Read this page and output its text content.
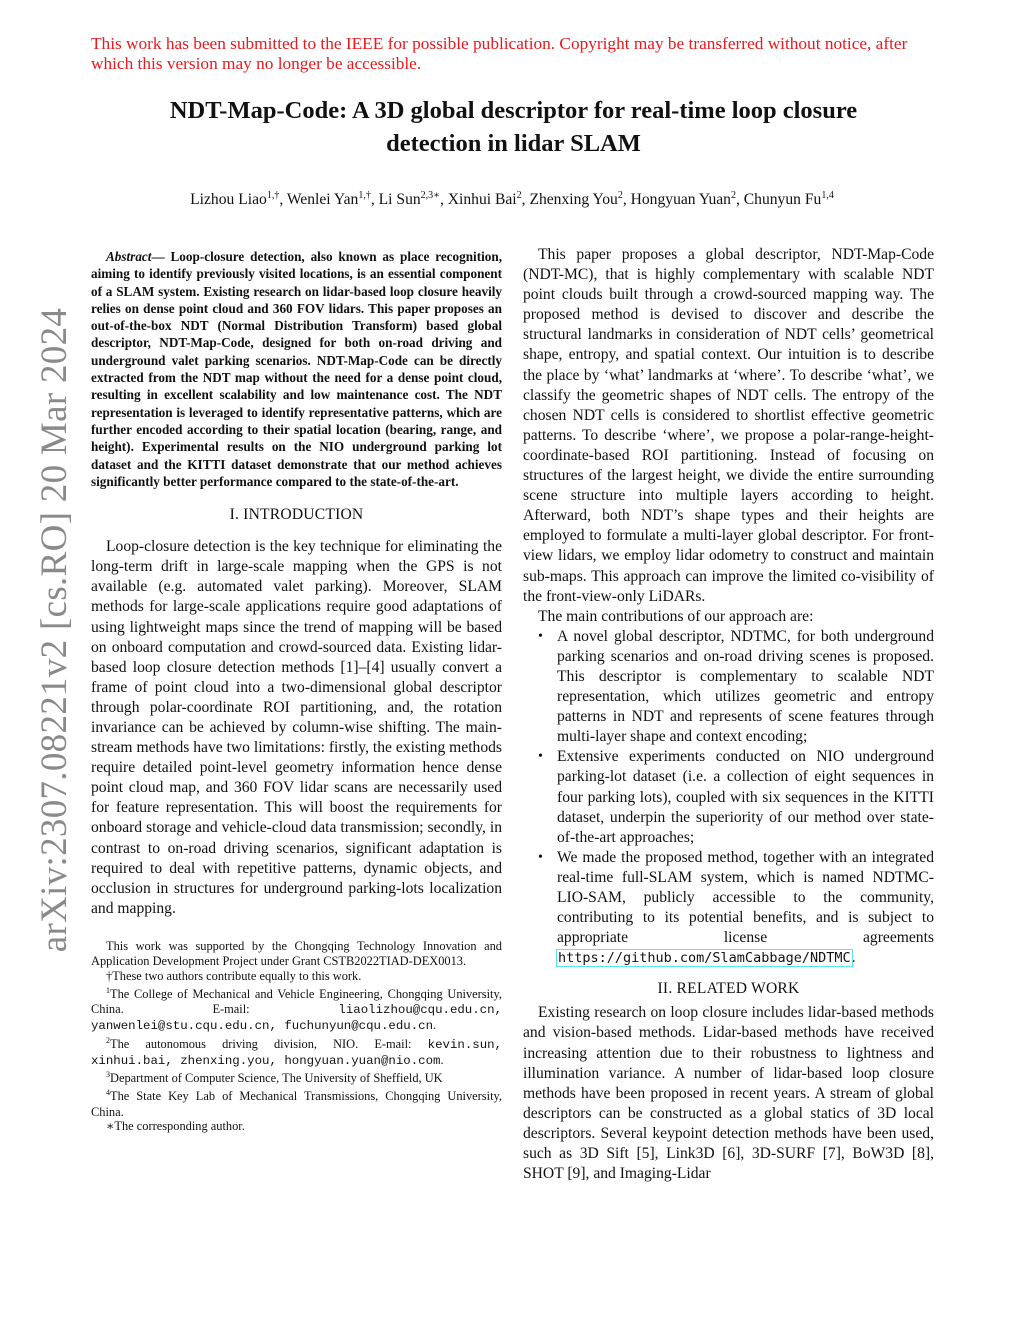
This work has been submitted to the IEEE for possible publication. Copyright may be transferred without notice, after which this version may no longer be accessible.
NDT-Map-Code: A 3D global descriptor for real-time loop closure
detection in lidar SLAM
Lizhou Liao$^{1,\dagger}$, Wenlei Yan$^{1,\dagger}$, Li Sun$^{2,3∗}$, Xinhui Bai$^2$, Zhenxing You$^2$, Hongyuan Yuan$^2$, Chunyun Fu$^{1,4}$
arXiv:2307.08221v2 [cs.RO] 20 Mar 2024

Abstract— Loop-closure detection, also known as place recognition, aiming to identify previously visited locations, is an essential component of a SLAM system. Existing research on lidar-based loop closure heavily relies on dense point cloud and 360 FOV lidars. This paper proposes an out-of-the-box NDT (Normal Distribution Transform) based global descriptor, NDT-Map-Code, designed for both on-road driving and underground valet parking scenarios. NDT-Map-Code can be directly extracted from the NDT map without the need for a dense point cloud, resulting in excellent scalability and low maintenance cost. The NDT representation is leveraged to identify representative patterns, which are further encoded according to their spatial location (bearing, range, and height). Experimental results on the NIO underground parking lot dataset and the KITTI dataset demonstrate that our method achieves significantly better performance compared to the state-of-the-art.

I. INTRODUCTION

Loop-closure detection is the key technique for eliminating the long-term drift in large-scale mapping when the GPS is not available (e.g. automated valet parking). Moreover, SLAM methods for large-scale applications require good adaptations of using lightweight maps since the trend of mapping will be based on onboard computation and crowd-sourced data. Existing lidar-based loop closure detection methods [1]–[4] usually convert a frame of point cloud into a two-dimensional global descriptor through polar-coordinate ROI partitioning, and, the rotation invariance can be achieved by column-wise shifting. The main-stream methods have two limitations: firstly, the existing methods require detailed point-level geometry information hence dense point cloud map, and 360 FOV lidar scans are necessarily used for feature representation. This will boost the requirements for onboard storage and vehicle-cloud data transmission; secondly, in contrast to on-road driving scenarios, significant adaptation is required to deal with repetitive patterns, dynamic objects, and occlusion in structures for underground parking-lots localization and mapping.

This work was supported by the Chongqing Technology Innovation and Application Development Project under Grant CSTB2022TIAD-DEX0013.

†These two authors contribute equally to this work.

$^1$The College of Mechanical and Vehicle Engineering, Chongqing University, China. E-mail:	liaolizhou@cqu.edu.cn, yanwenlei@stu.cqu.edu.cn, fuchunyun@cqu.edu.cn.

$^2$The autonomous driving division, NIO. E-mail: kevin.sun, xinhui.bai, zhenxing.you, hongyuan.yuan@nio.com.

$^3$Department of Computer Science, The University of Sheffield, UK

$^4$The State Key Lab of Mechanical Transmissions, Chongqing University, China.

∗The corresponding author.

This paper proposes a global descriptor, NDT-Map-Code (NDT-MC), that is highly complementary with scalable NDT point clouds built through a crowd-sourced mapping way. The proposed method is devised to discover and describe the structural landmarks in consideration of NDT cells’ geometrical shape, entropy, and spatial context. Our intuition is to describe the place by ‘what’ landmarks at ‘where’. To describe ‘what’, we classify the geometric shapes of NDT cells. The entropy of the chosen NDT cells is considered to shortlist effective geometric patterns. To describe ‘where’, we propose a polar-range-height-coordinate-based ROI partitioning. Instead of focusing on structures of the largest height, we divide the entire surrounding scene structure into multiple layers according to height. Afterward, both NDT’s shape types and their heights are employed to formulate a multi-layer global descriptor. For front-view lidars, we employ lidar odometry to construct and maintain sub-maps. This approach can improve the limited co-visibility of the front-view-only LiDARs.

The main contributions of our approach are:

• A novel global descriptor, NDTMC, for both underground parking scenarios and on-road driving scenes is proposed. This descriptor is complementary to scalable NDT representation, which utilizes geometric and entropy patterns in NDT and represents of scene features through multi-layer shape and context encoding;
• Extensive experiments conducted on NIO underground parking-lot dataset (i.e. a collection of eight sequences in four parking lots), coupled with six sequences in the KITTI dataset, underpin the superiority of our method over state-of-the-art approaches;
• We made the proposed method, together with an integrated real-time full-SLAM system, which is named NDTMC-LIO-SAM, publicly accessible to the community, contributing to its potential benefits, and is subject to appropriate license agreements https://github.com/SlamCabbage/NDTMC.

II. RELATED WORK

Existing research on loop closure includes lidar-based methods and vision-based methods. Lidar-based methods have received increasing attention due to their robustness to lightness and illumination variance. A number of lidar-based loop closure methods have been proposed in recent years. A stream of global descriptors can be constructed as a global statics of 3D local descriptors. Several keypoint detection methods have been used, such as 3D Sift [5], Link3D [6], 3D-SURF [7], BoW3D [8], SHOT [9], and Imaging-Lidar
